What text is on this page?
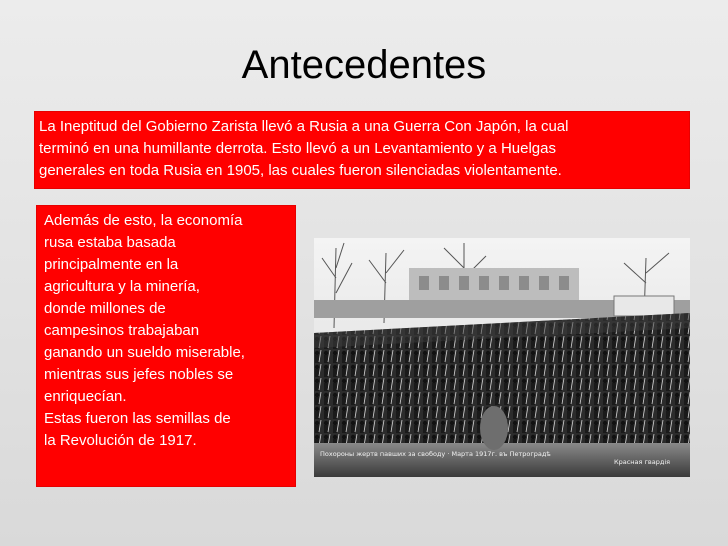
Antecedentes
La Ineptitud del Gobierno Zarista llevó a Rusia a una Guerra Con Japón, la cual
terminó en una humillante derrota. Esto llevó a un Levantamiento y a Huelgas
generales en toda Rusia en 1905, las cuales fueron silenciadas violentamente.
Además de esto, la economía
rusa estaba basada
principalmente en la
agricultura y la minería,
donde millones de
campesinos trabajaban
ganando un sueldo miserable,
mientras sus jefes nobles se
enriquecían.
Estas fueron las semillas de
la Revolución de 1917.
Похороны жертв павших за свободу · Марта 1917г. въ Петроградѣ
Красная гвардія
